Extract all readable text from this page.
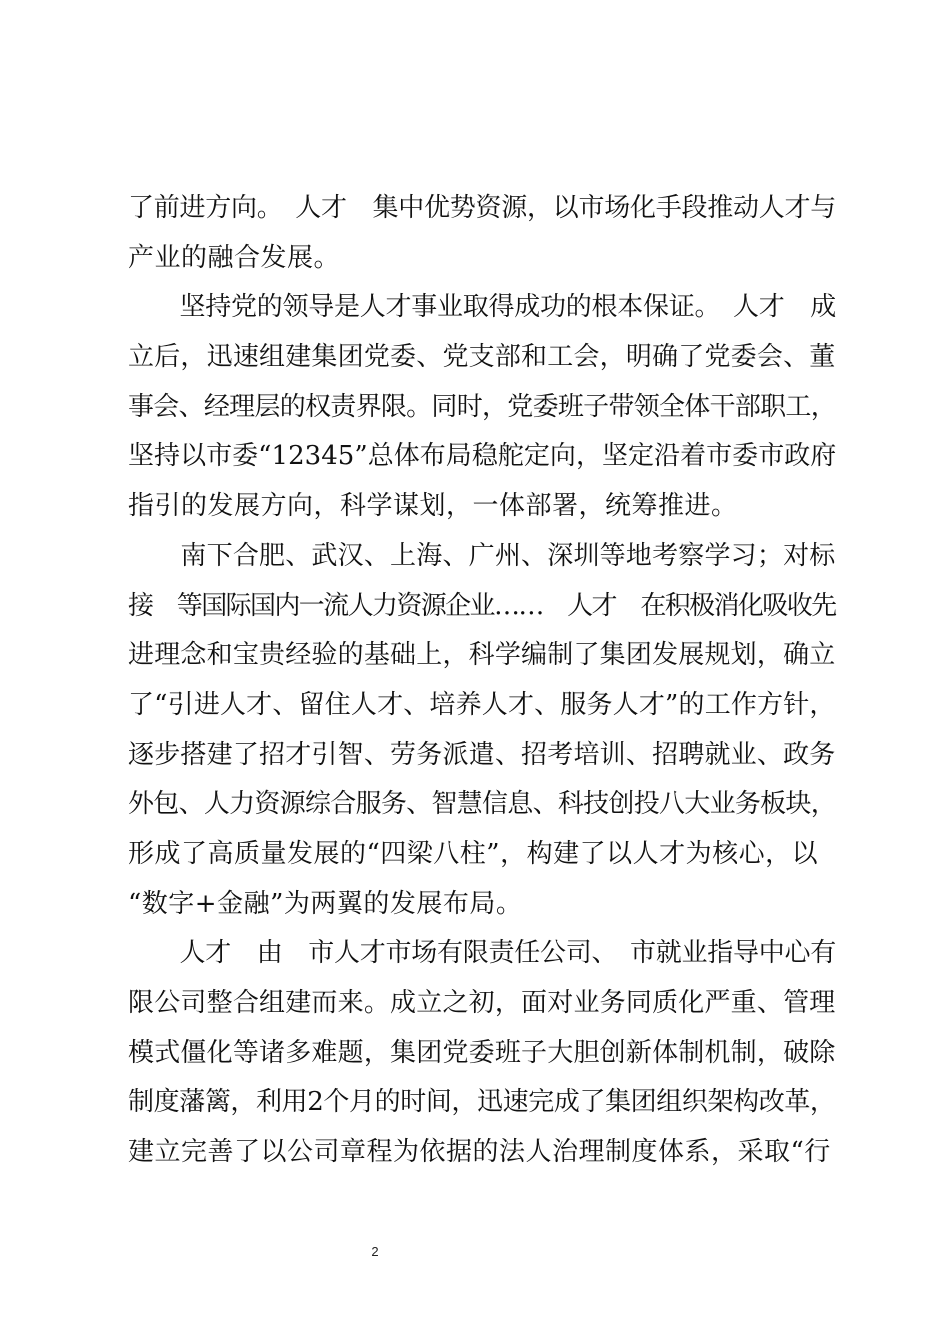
了前进方向。　人才　集中优势资源，以市场化手段推动人才与
产业的融合发展。
　　坚持党的领导是人才事业取得成功的根本保证。　人才　成
立后，迅速组建集团党委、党支部和工会，明确了党委会、董
事会、经理层的权责界限。同时，党委班子带领全体干部职工，
坚持以市委“12345”总体布局稳舵定向，坚定沿着市委市政府
指引的发展方向，科学谋划，一体部署，统筹推进。
　　南下合肥、武汉、上海、广州、深圳等地考察学习；对标
接　等国际国内一流人力资源企业……　人才　在积极消化吸收先
进理念和宝贵经验的基础上，科学编制了集团发展规划，确立
了“引进人才、留住人才、培养人才、服务人才”的工作方针，
逐步搭建了招才引智、劳务派遣、招考培训、招聘就业、政务
外包、人力资源综合服务、智慧信息、科技创投八大业务板块，
形成了高质量发展的“四梁八柱”，构建了以人才为核心，以
“数字+金融”为两翼的发展布局。
　　人才　由　市人才市场有限责任公司、　市就业指导中心有
限公司整合组建而来。成立之初，面对业务同质化严重、管理
模式僵化等诸多难题，集团党委班子大胆创新体制机制，破除
制度藩篱，利用2个月的时间，迅速完成了集团组织架构改革，
建立完善了以公司章程为依据的法人治理制度体系，采取“行
2
